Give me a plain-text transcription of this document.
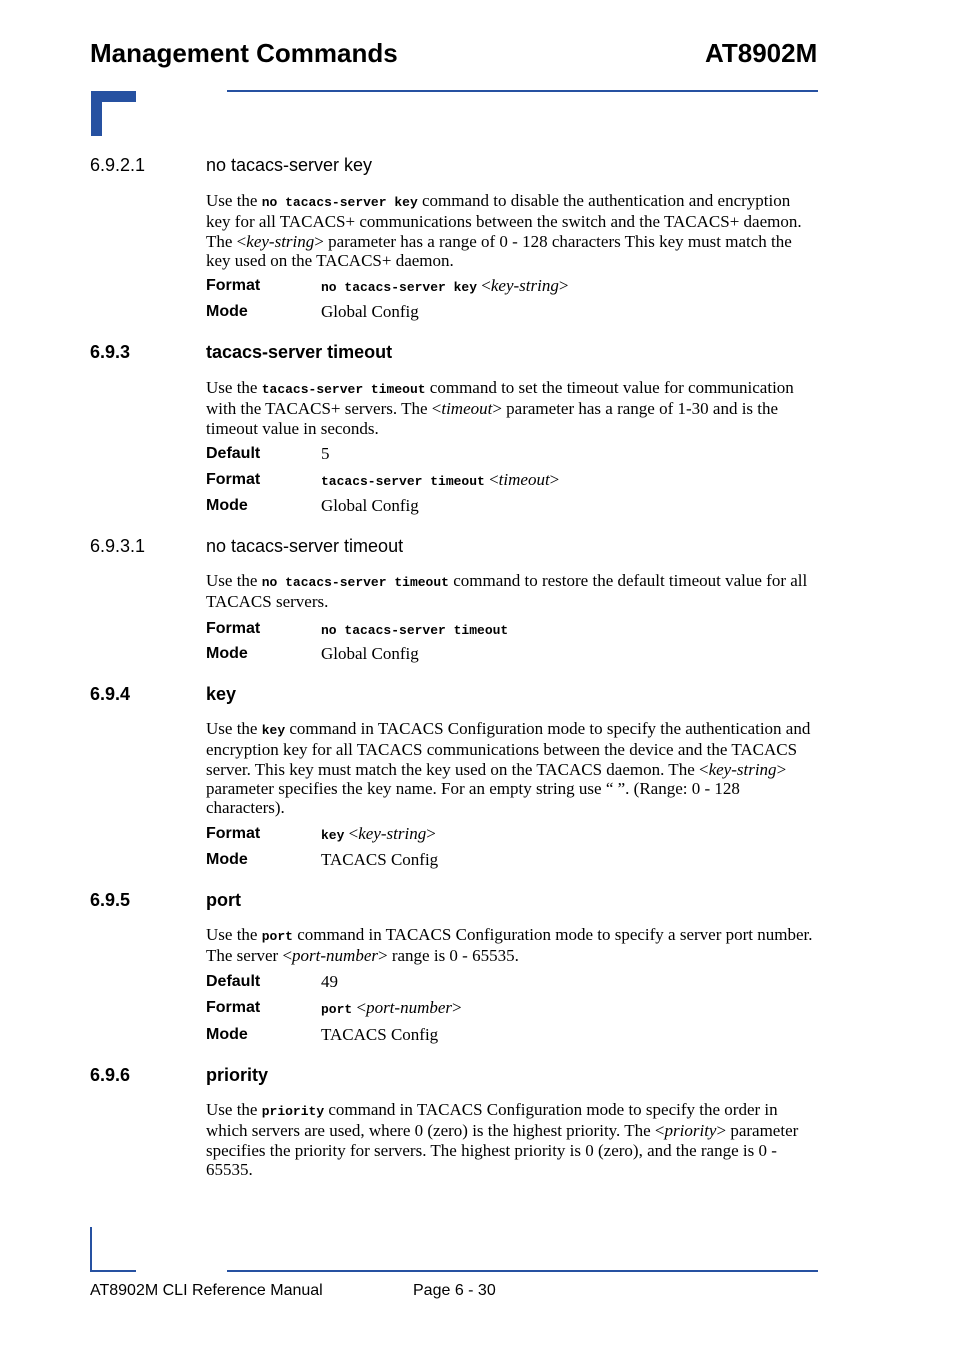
Management Commands	AT8902M
6.9.2.1	no tacacs-server key
Use the no tacacs-server key command to disable the authentication and encryption key for all TACACS+ communications between the switch and the TACACS+ daemon. The <key-string> parameter has a range of 0 - 128 characters This key must match the key used on the TACACS+ daemon.
Format	no tacacs-server key <key-string>
Mode	Global Config
6.9.3	tacacs-server timeout
Use the tacacs-server timeout command to set the timeout value for communication with the TACACS+ servers. The <timeout> parameter has a range of 1-30 and is the timeout value in seconds.
Default	5
Format	tacacs-server timeout <timeout>
Mode	Global Config
6.9.3.1	no tacacs-server timeout
Use the no tacacs-server timeout command to restore the default timeout value for all TACACS servers.
Format	no tacacs-server timeout
Mode	Global Config
6.9.4	key
Use the key command in TACACS Configuration mode to specify the authentication and encryption key for all TACACS communications between the device and the TACACS server. This key must match the key used on the TACACS daemon. The <key-string> parameter specifies the key name. For an empty string use “ ”. (Range: 0 - 128 characters).
Format	key <key-string>
Mode	TACACS Config
6.9.5	port
Use the port command in TACACS Configuration mode to specify a server port number. The server <port-number> range is 0 - 65535.
Default	49
Format	port <port-number>
Mode	TACACS Config
6.9.6	priority
Use the priority command in TACACS Configuration mode to specify the order in which servers are used, where 0 (zero) is the highest priority. The <priority> parameter specifies the priority for servers. The highest priority is 0 (zero), and the range is 0 - 65535.
AT8902M CLI Reference Manual	Page 6 - 30
